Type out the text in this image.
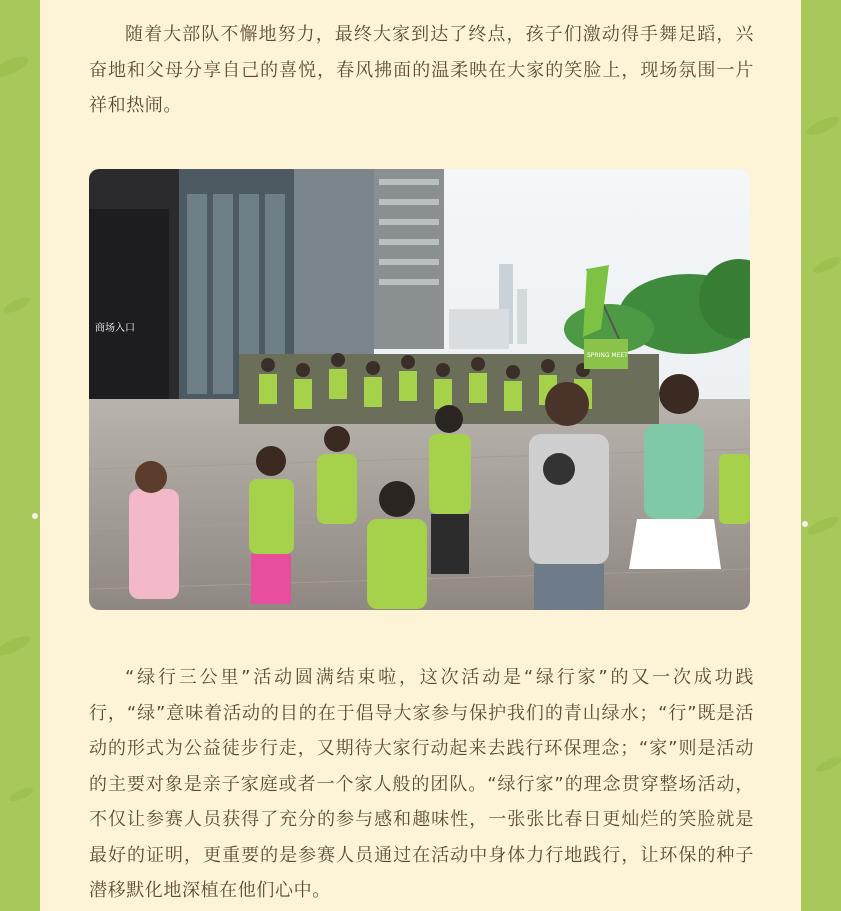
随着大部队不懈地努力，最终大家到达了终点，孩子们激动得手舞足蹈，兴奋地和父母分享自己的喜悦，春风拂面的温柔映在大家的笑脸上，现场氛围一片祥和热闹。

商场入口
SPRING MEET

“绿行三公里”活动圆满结束啦，这次活动是“绿行家”的又一次成功践行，“绿”意味着活动的目的在于倡导大家参与保护我们的青山绿水；“行”既是活动的形式为公益徒步行走，又期待大家行动起来去践行环保理念；“家”则是活动的主要对象是亲子家庭或者一个家人般的团队。“绿行家”的理念贯穿整场活动，不仅让参赛人员获得了充分的参与感和趣味性，一张张比春日更灿烂的笑脸就是最好的证明，更重要的是参赛人员通过在活动中身体力行地践行，让环保的种子潜移默化地深植在他们心中。
